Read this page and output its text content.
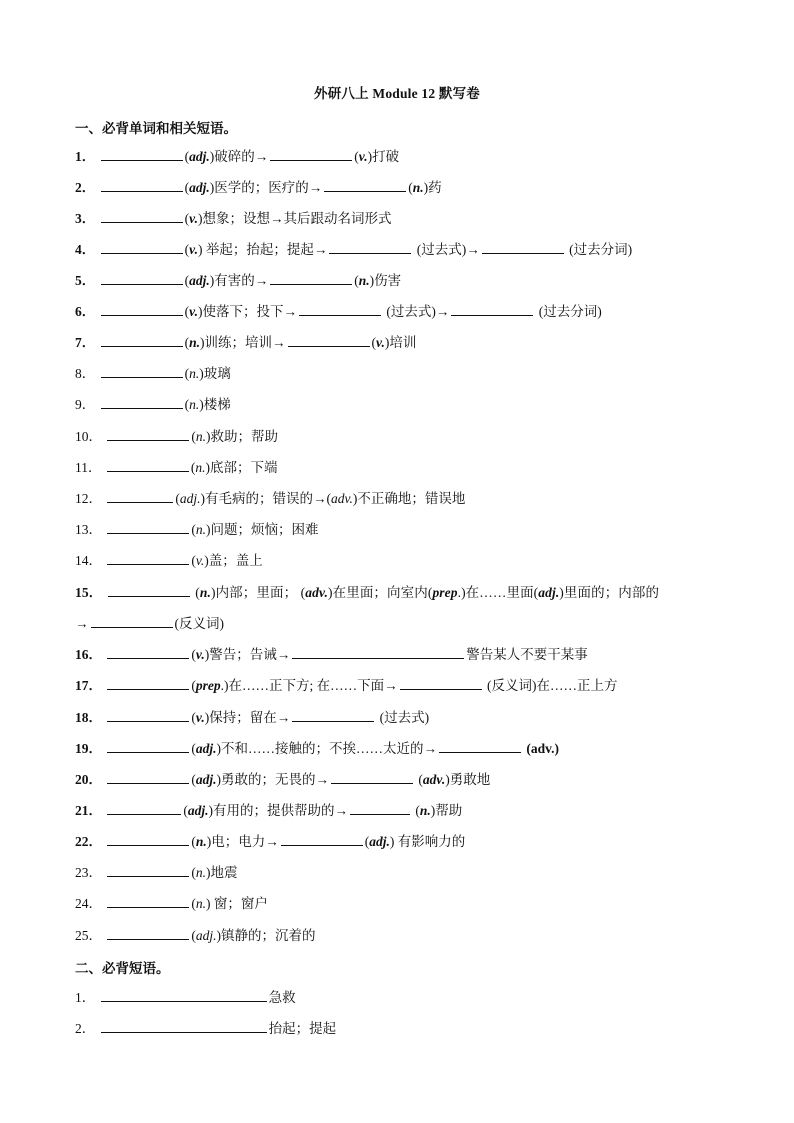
外研八上 Module 12 默写卷
一、必背单词和相关短语。
1．	(adj.)破碎的→	(v.)打破
2．	(adj.)医学的；医疗的→	(n.)药
3．	(v.)想象；设想→其后跟动名词形式
4．	(v.) 举起；抬起；提起→	(过去式)→	(过去分词)
5．	(adj.)有害的→	(n.)伤害
6．	(v.)使落下；投下→	(过去式)→	(过去分词)
7．	(n.)训练；培训→	(v.)培训
8．	(n.)玻璃
9．	(n.)楼梯
10．	(n.)救助；帮助
11．	(n.)底部；下端
12．	(adj.)有毛病的；错误的→(adv.)不正确地；错误地
13．	(n.)问题；烦恼；困难
14．	(v.)盖；盖上
15．	(n.)内部；里面； (adv.)在里面；向室内(prep.)在……里面(adj.)里面的；内部的
→	(反义词)
16．	(v.)警告；告诫→	警告某人不要干某事
17．	(prep.)在……正下方; 在……下面→	(反义词)在……正上方
18．	(v.)保持；留在→	(过去式)
19．	(adj.)不和……接触的；不挨……太近的→	(adv.)
20．	(adj.)勇敢的；无畏的→	(adv.)勇敢地
21．	(adj.)有用的；提供帮助的→	(n.)帮助
22．	(n.)电；电力→	(adj.) 有影响力的
23．	(n.)地震
24．	(n.) 窗；窗户
25．	(adj.)镇静的；沉着的
二、必背短语。
1．	急救
2．	抬起；提起
